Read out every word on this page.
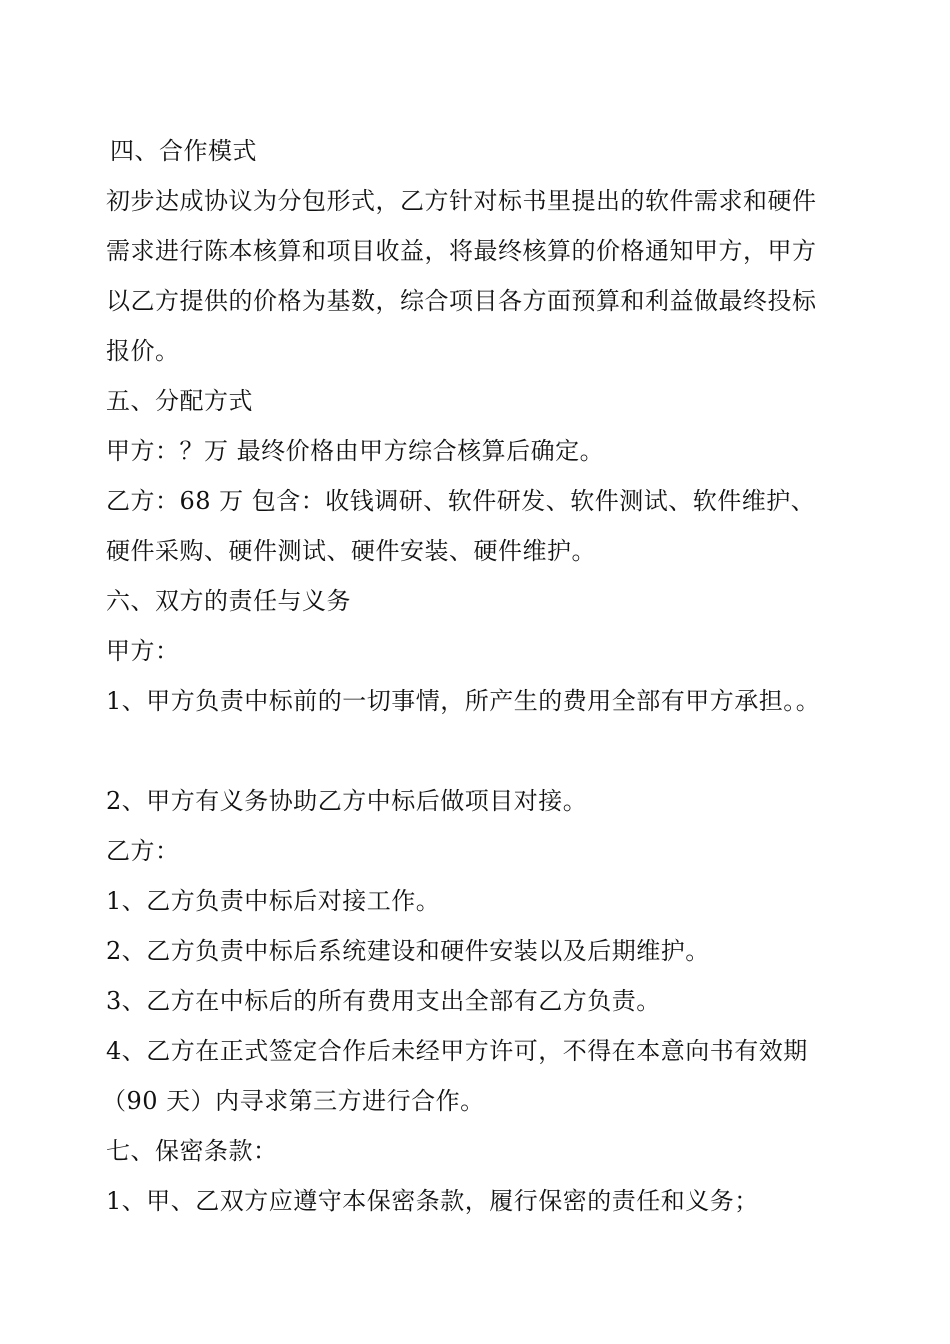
四、合作模式
初步达成协议为分包形式，乙方针对标书里提出的软件需求和硬件
需求进行陈本核算和项目收益，将最终核算的价格通知甲方，甲方
以乙方提供的价格为基数，综合项目各方面预算和利益做最终投标
报价。
五、分配方式
甲方：？万 最终价格由甲方综合核算后确定。
乙方：68 万 包含：收钱调研、软件研发、软件测试、软件维护、
硬件采购、硬件测试、硬件安装、硬件维护。
六、双方的责任与义务
甲方：
1、甲方负责中标前的一切事情，所产生的费用全部有甲方承担。。
2、甲方有义务协助乙方中标后做项目对接。
乙方：
1、乙方负责中标后对接工作。
2、乙方负责中标后系统建设和硬件安装以及后期维护。
3、乙方在中标后的所有费用支出全部有乙方负责。
4、乙方在正式签定合作后未经甲方许可，不得在本意向书有效期
（90 天）内寻求第三方进行合作。
七、保密条款：
1、甲、乙双方应遵守本保密条款，履行保密的责任和义务；
